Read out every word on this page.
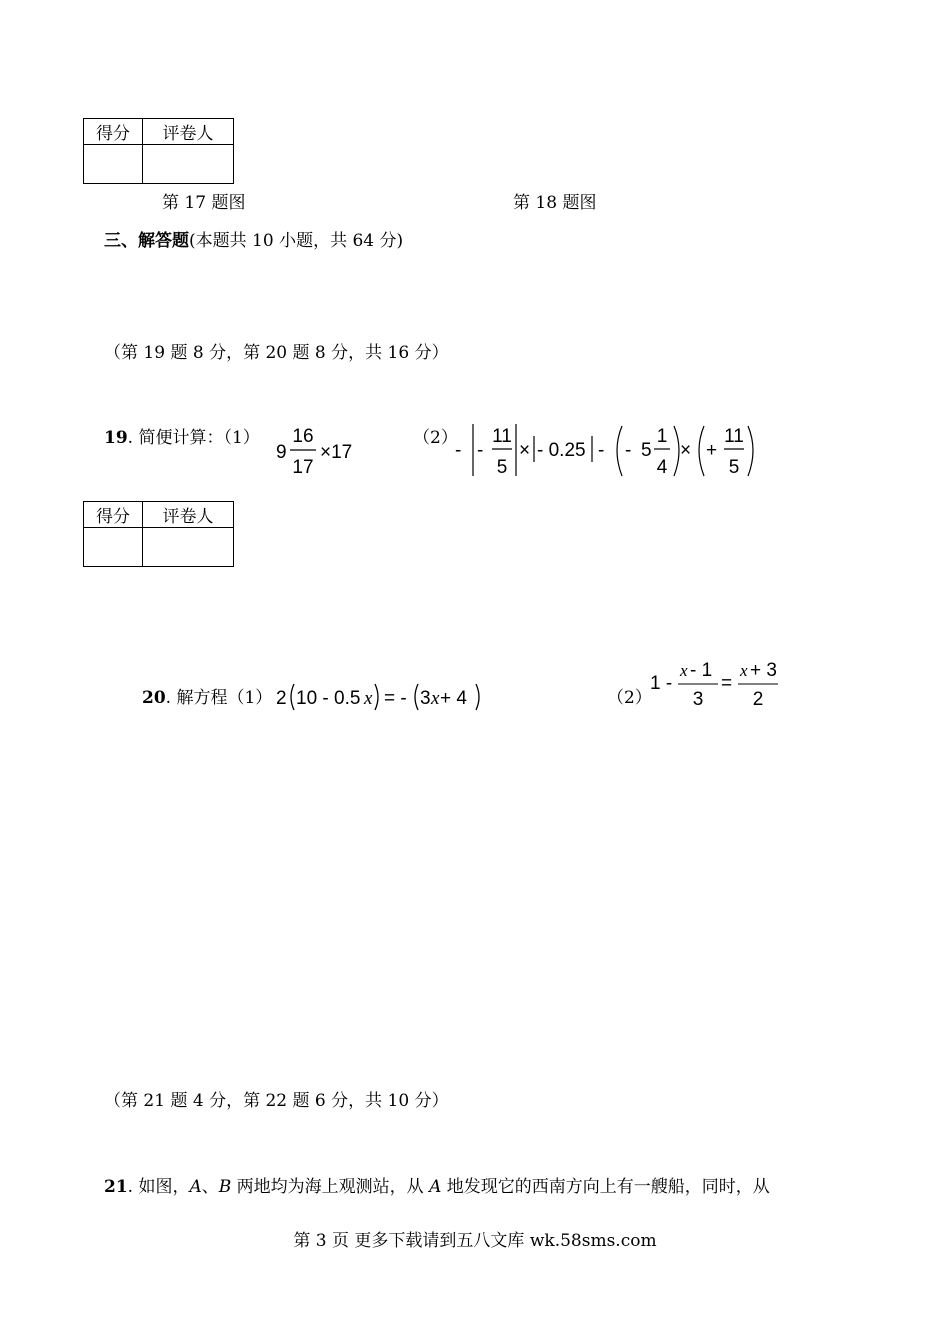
得分	评卷人

第 17 题图	第 18 题图
三、解答题(本题共 10 小题，共 64 分)
（第 19 题 8 分，第 20 题 8 分，共 16 分）
19. 简便计算：（1）
9
16
17
×17
（2）
- -
11
5
× - 0.25 - - 5
1
4
× +
11
5
得分	评卷人

20. 解方程（1） 2 10 - 0.5 x = - 3 x + 4	（2）
1 -
x - 1
3
=
x + 3
2
（第 21 题 4 分，第 22 题 6 分，共 10 分）
21. 如图，A、B 两地均为海上观测站，从 A 地发现它的西南方向上有一艘船，同时，从
第 3 页 更多下载请到五八文库 wk.58sms.com
